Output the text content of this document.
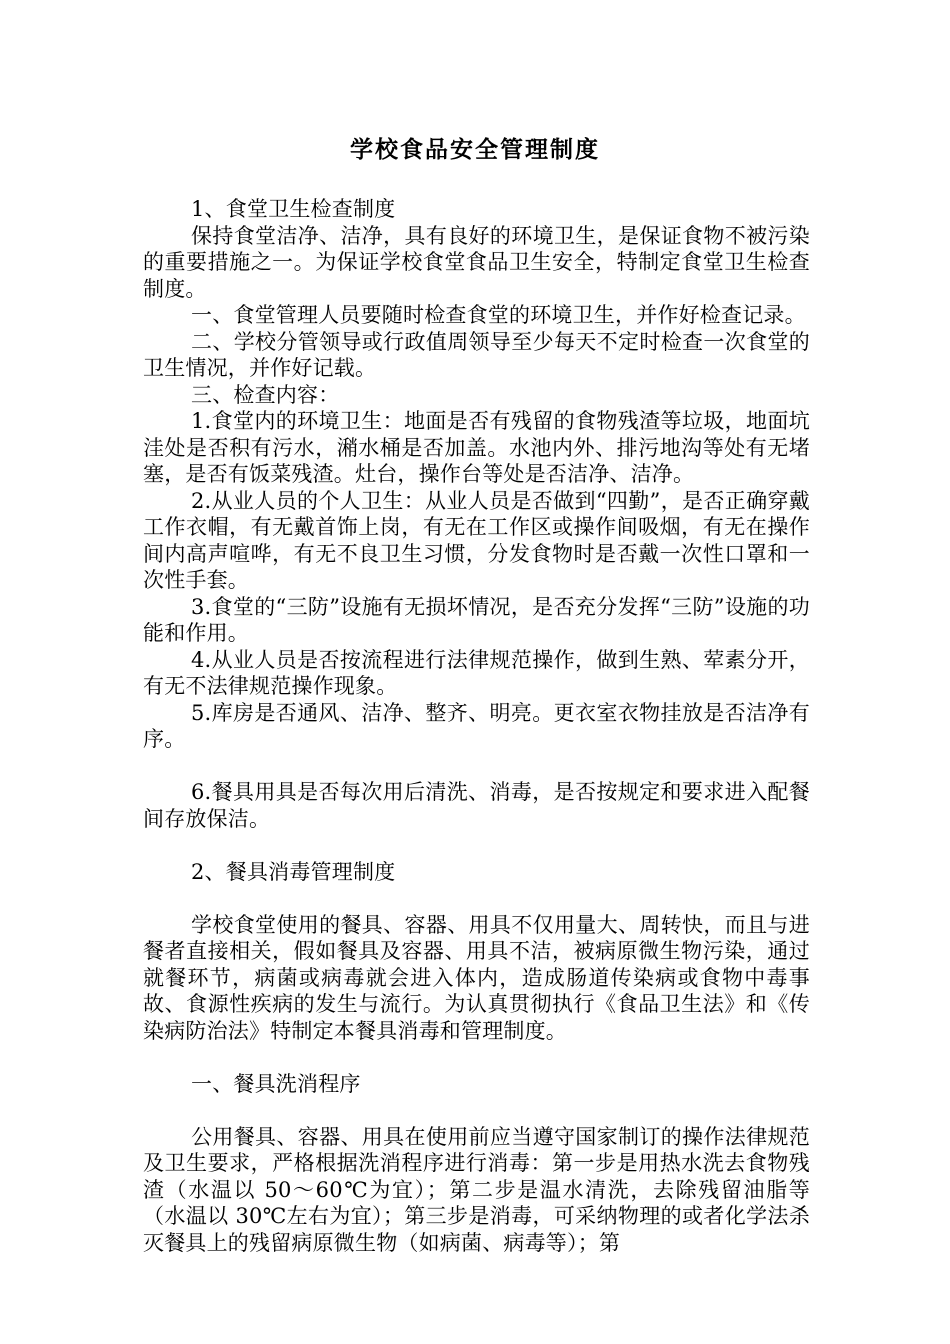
学校食品安全管理制度

1、食堂卫生检查制度

保持食堂洁净、洁净，具有良好的环境卫生，是保证食物不被污染的重要措施之一。为保证学校食堂食品卫生安全，特制定食堂卫生检查制度。

一、食堂管理人员要随时检查食堂的环境卫生，并作好检查记录。

二、学校分管领导或行政值周领导至少每天不定时检查一次食堂的卫生情况，并作好记载。

三、检查内容：

1.食堂内的环境卫生：地面是否有残留的食物残渣等垃圾，地面坑洼处是否积有污水，潲水桶是否加盖。水池内外、排污地沟等处有无堵塞，是否有饭菜残渣。灶台，操作台等处是否洁净、洁净。

2.从业人员的个人卫生：从业人员是否做到“四勤”，是否正确穿戴工作衣帽，有无戴首饰上岗，有无在工作区或操作间吸烟，有无在操作间内高声喧哗，有无不良卫生习惯，分发食物时是否戴一次性口罩和一次性手套。

3.食堂的“三防”设施有无损坏情况，是否充分发挥“三防”设施的功能和作用。

4.从业人员是否按流程进行法律规范操作，做到生熟、荤素分开，有无不法律规范操作现象。

5.库房是否通风、洁净、整齐、明亮。更衣室衣物挂放是否洁净有序。

6.餐具用具是否每次用后清洗、消毒，是否按规定和要求进入配餐间存放保洁。

2、餐具消毒管理制度

学校食堂使用的餐具、容器、用具不仅用量大、周转快，而且与进餐者直接相关，假如餐具及容器、用具不洁，被病原微生物污染，通过就餐环节，病菌或病毒就会进入体内，造成肠道传染病或食物中毒事故、食源性疾病的发生与流行。为认真贯彻执行《食品卫生法》和《传染病防治法》特制定本餐具消毒和管理制度。

一、餐具洗消程序

公用餐具、容器、用具在使用前应当遵守国家制订的操作法律规范及卫生要求，严格根据洗消程序进行消毒：第一步是用热水洗去食物残渣（水温以 50～60℃为宜）；第二步是温水清洗，去除残留油脂等（水温以 30℃左右为宜）；第三步是消毒，可采纳物理的或者化学法杀灭餐具上的残留病原微生物（如病菌、病毒等）；第
